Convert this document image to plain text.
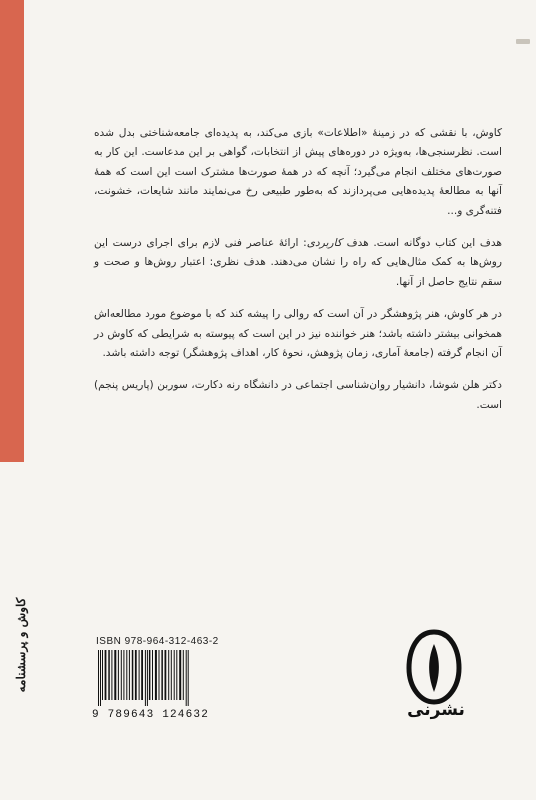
کاوش، با نقشی که در زمینهٔ «اطلاعات» بازی می‌کند، به پدیده‌ای جامعه‌شناختی بدل شده است. نظرسنجی‌ها، به‌ویژه در دوره‌های پیش از انتخابات، گواهی بر این مدعاست. این کار به صورت‌های مختلف انجام می‌گیرد؛ آنچه که در همهٔ صورت‌ها مشترک است این است که همهٔ آنها به مطالعهٔ پدیده‌هایی می‌پردازند که به‌طور طبیعی رخ می‌نمایند مانند شایعات، خشونت، فتنه‌گری و...

هدف این کتاب دوگانه است. هدف کاربردی: ارائهٔ عناصر فنی لازم برای اجرای درست این روش‌ها به کمک مثال‌هایی که راه را نشان می‌دهند. هدف نظری: اعتبار روش‌ها و صحت و سقم نتایج حاصل از آنها.

در هر کاوش، هنر پژوهشگر در آن است که روالی را پیشه کند که با موضوع مورد مطالعه‌اش همخوانی بیشتر داشته باشد؛ هنر خواننده نیز در این است که پیوسته به شرایطی که کاوش در آن انجام گرفته (جامعهٔ آماری، زمان پژوهش، نحوهٔ کار، اهداف پژوهشگر) توجه داشته باشد.

دکتر هلن شوشا، دانشیار روان‌شناسی اجتماعی در دانشگاه رنه دکارت، سوربن (پاریس پنجم) است.

کاوش و پرسشنامه	ISBN 978-964-312-463-2
9 789643 124632	نشرنی
